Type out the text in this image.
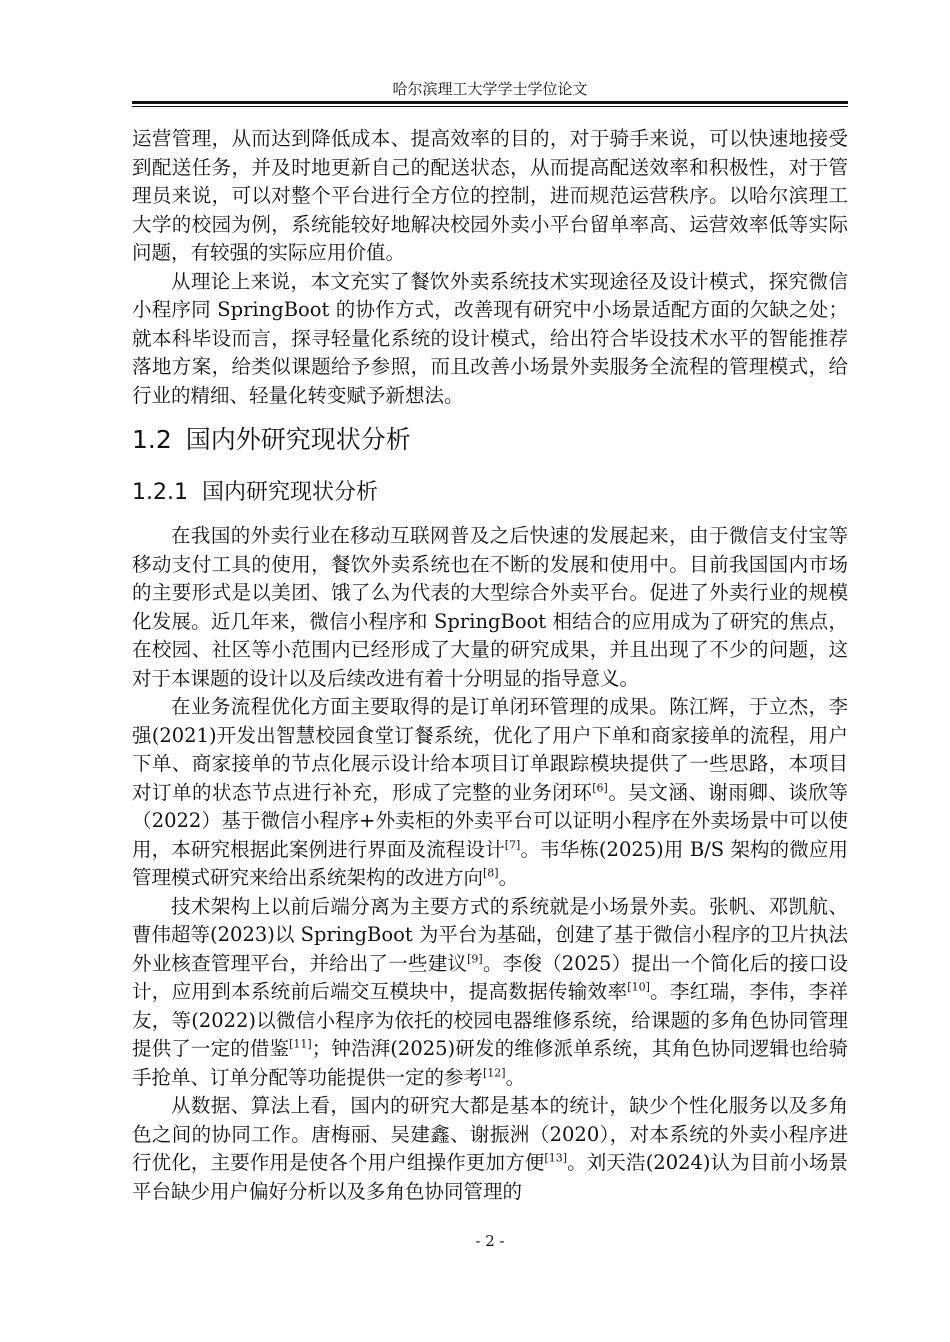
哈尔滨理工大学学士学位论文

运营管理，从而达到降低成本、提高效率的目的，对于骑手来说，可以快速地接受到配送任务，并及时地更新自己的配送状态，从而提高配送效率和积极性，对于管理员来说，可以对整个平台进行全方位的控制，进而规范运营秩序。以哈尔滨理工大学的校园为例，系统能较好地解决校园外卖小平台留单率高、运营效率低等实际问题，有较强的实际应用价值。

从理论上来说，本文充实了餐饮外卖系统技术实现途径及设计模式，探究微信小程序同 SpringBoot 的协作方式，改善现有研究中小场景适配方面的欠缺之处；就本科毕设而言，探寻轻量化系统的设计模式，给出符合毕设技术水平的智能推荐落地方案，给类似课题给予参照，而且改善小场景外卖服务全流程的管理模式，给行业的精细、轻量化转变赋予新想法。

1.2 国内外研究现状分析
1.2.1 国内研究现状分析

在我国的外卖行业在移动互联网普及之后快速的发展起来，由于微信支付宝等移动支付工具的使用，餐饮外卖系统也在不断的发展和使用中。目前我国国内市场的主要形式是以美团、饿了么为代表的大型综合外卖平台。促进了外卖行业的规模化发展。近几年来，微信小程序和 SpringBoot 相结合的应用成为了研究的焦点，在校园、社区等小范围内已经形成了大量的研究成果，并且出现了不少的问题，这对于本课题的设计以及后续改进有着十分明显的指导意义。

在业务流程优化方面主要取得的是订单闭环管理的成果。陈江辉，于立杰，李强(2021)开发出智慧校园食堂订餐系统，优化了用户下单和商家接单的流程，用户下单、商家接单的节点化展示设计给本项目订单跟踪模块提供了一些思路，本项目对订单的状态节点进行补充，形成了完整的业务闭环[6]。吴文涵、谢雨卿、谈欣等（2022）基于微信小程序+外卖柜的外卖平台可以证明小程序在外卖场景中可以使用，本研究根据此案例进行界面及流程设计[7]。韦华栋(2025)用 B/S 架构的微应用管理模式研究来给出系统架构的改进方向[8]。

技术架构上以前后端分离为主要方式的系统就是小场景外卖。张帆、邓凯航、曹伟超等(2023)以 SpringBoot 为平台为基础，创建了基于微信小程序的卫片执法外业核查管理平台，并给出了一些建议[9]。李俊（2025）提出一个简化后的接口设计，应用到本系统前后端交互模块中，提高数据传输效率[10]。李红瑞，李伟，李祥友，等(2022)以微信小程序为依托的校园电器维修系统，给课题的多角色协同管理提供了一定的借鉴[11]；钟浩湃(2025)研发的维修派单系统，其角色协同逻辑也给骑手抢单、订单分配等功能提供一定的参考[12]。

从数据、算法上看，国内的研究大都是基本的统计，缺少个性化服务以及多角色之间的协同工作。唐梅丽、吴建鑫、谢振洲（2020），对本系统的外卖小程序进行优化，主要作用是使各个用户组操作更加方便[13]。刘天浩(2024)认为目前小场景平台缺少用户偏好分析以及多角色协同管理的

- 2 -
